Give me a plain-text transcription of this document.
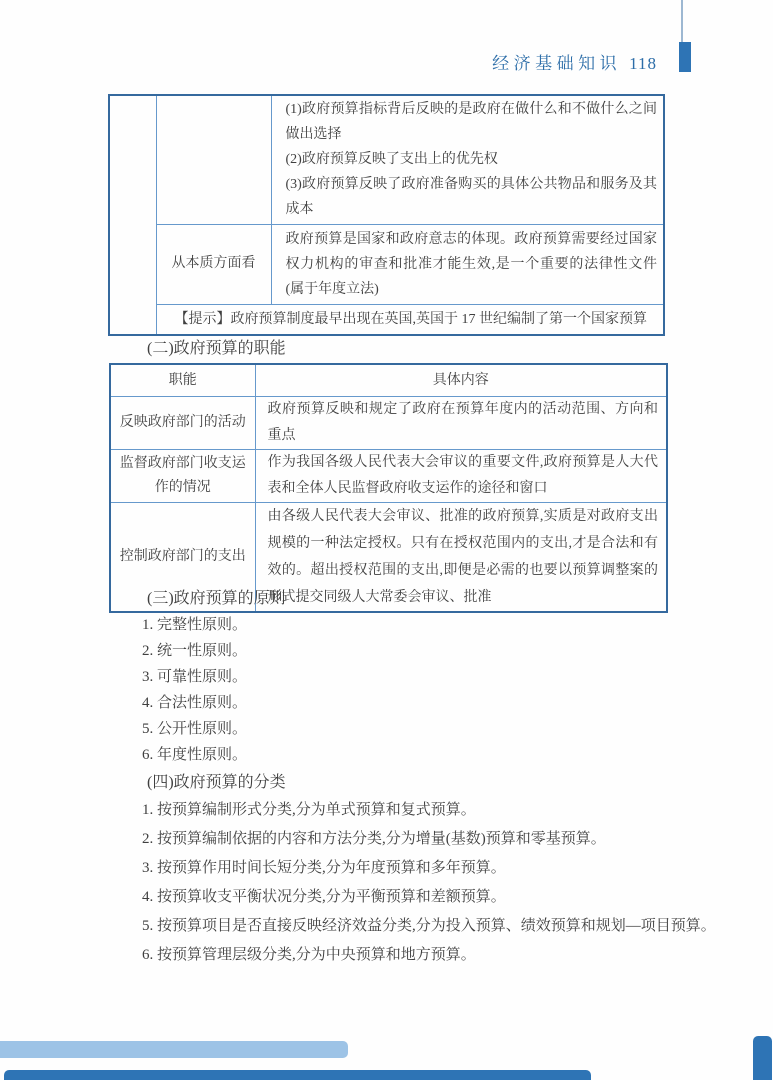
经济基础知识 118

		(1)政府预算指标背后反映的是政府在做什么和不做什么之间做出选择

(2)政府预算反映了支出上的优先权

(3)政府预算反映了政府准备购买的具体公共物品和服务及其成本

	从本质方面看	政府预算是国家和政府意志的体现。政府预算需要经过国家权力机构的审查和批准才能生效,是一个重要的法律性文件(属于年度立法)
	【提示】政府预算制度最早出现在英国,英国于 17 世纪编制了第一个国家预算	
(二)政府预算的职能
职能	具体内容
反映政府部门的活动	政府预算反映和规定了政府在预算年度内的活动范围、方向和重点
监督政府部门收支运作的情况	作为我国各级人民代表大会审议的重要文件,政府预算是人大代表和全体人民监督政府收支运作的途径和窗口
控制政府部门的支出	由各级人民代表大会审议、批准的政府预算,实质是对政府支出规模的一种法定授权。只有在授权范围内的支出,才是合法和有效的。超出授权范围的支出,即便是必需的也要以预算调整案的形式提交同级人大常委会审议、批准
(三)政府预算的原则
1. 完整性原则。
2. 统一性原则。
3. 可靠性原则。
4. 合法性原则。
5. 公开性原则。
6. 年度性原则。
(四)政府预算的分类
1. 按预算编制形式分类,分为单式预算和复式预算。
2. 按预算编制依据的内容和方法分类,分为增量(基数)预算和零基预算。
3. 按预算作用时间长短分类,分为年度预算和多年预算。
4. 按预算收支平衡状况分类,分为平衡预算和差额预算。
5. 按预算项目是否直接反映经济效益分类,分为投入预算、绩效预算和规划—项目预算。
6. 按预算管理层级分类,分为中央预算和地方预算。
